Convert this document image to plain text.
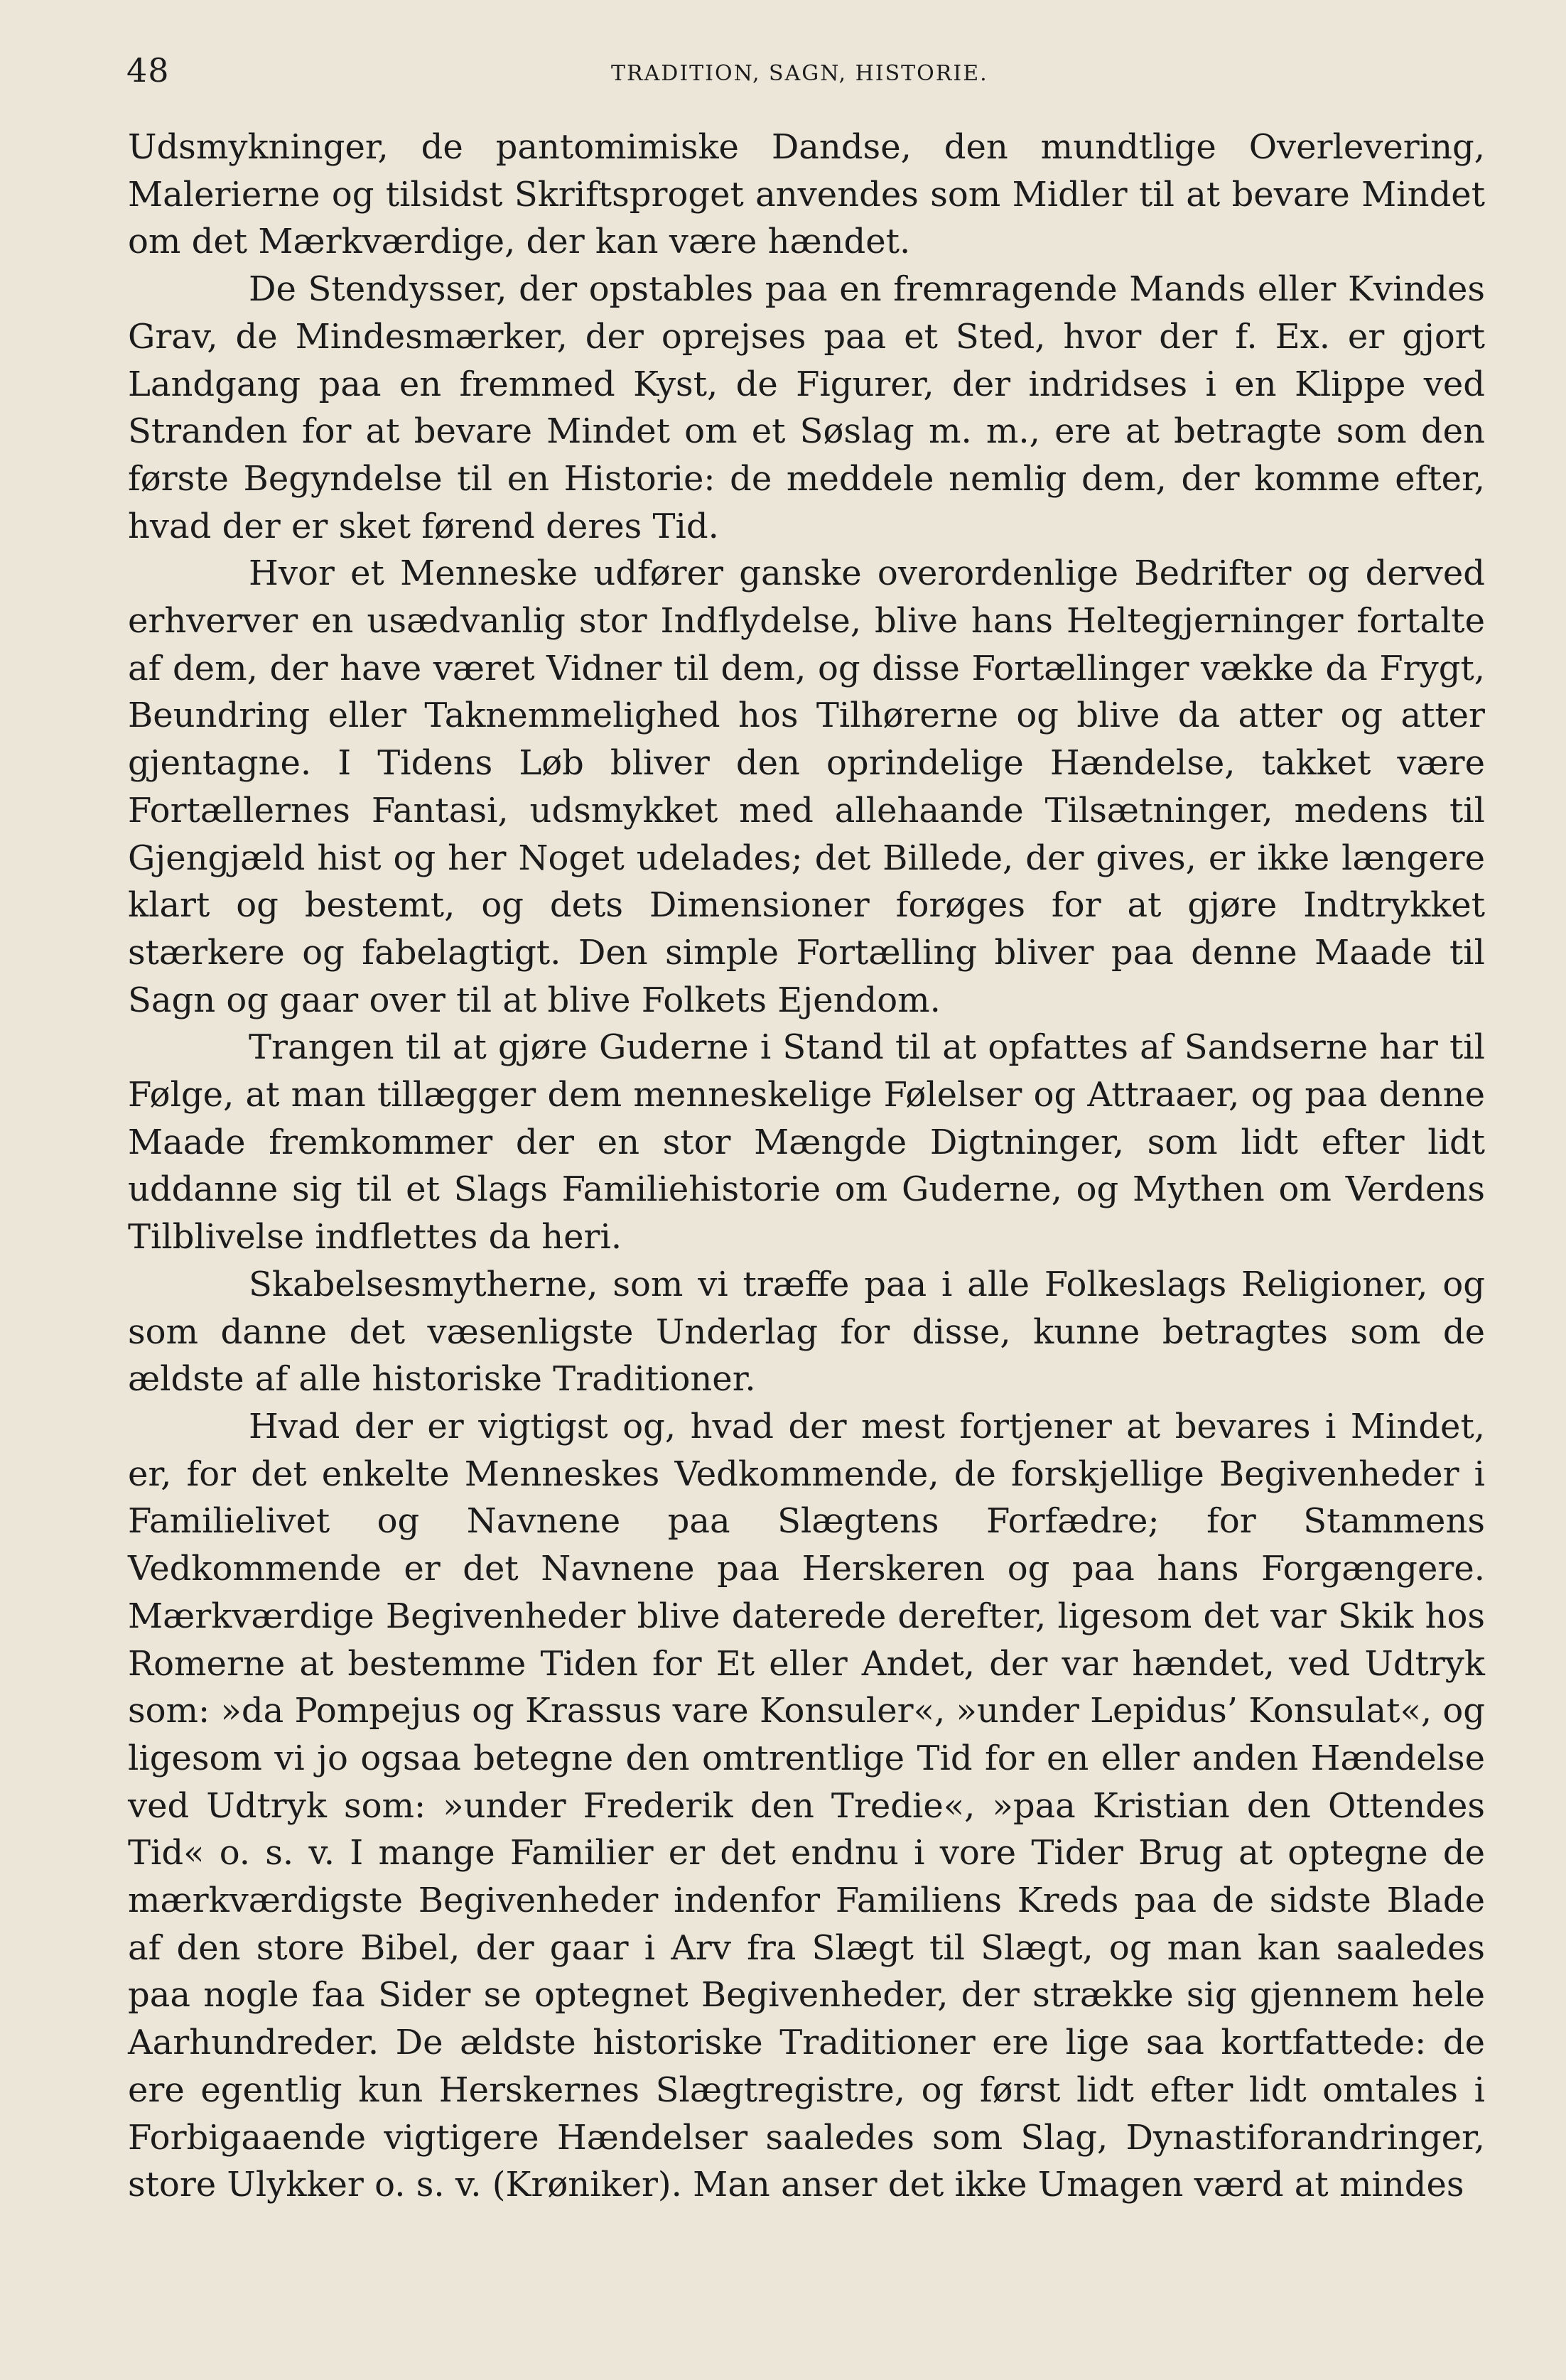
48	TRADITION, SAGN, HISTORIE.

Udsmykninger, de pantomimiske Dandse, den mundtlige Overlevering, Malerierne og tilsidst Skriftsproget anvendes som Midler til at bevare Mindet om det Mærkværdige, der kan være hændet.

De Stendysser, der opstables paa en fremragende Mands eller Kvindes Grav, de Mindesmærker, der oprejses paa et Sted, hvor der f. Ex. er gjort Landgang paa en fremmed Kyst, de Figurer, der indridses i en Klippe ved Stranden for at bevare Mindet om et Søslag m. m., ere at betragte som den første Begyndelse til en Historie: de meddele nemlig dem, der komme efter, hvad der er sket førend deres Tid.

Hvor et Menneske udfører ganske overordenlige Bedrifter og derved erhverver en usædvanlig stor Indflydelse, blive hans Heltegjerninger fortalte af dem, der have været Vidner til dem, og disse Fortællinger vække da Frygt, Beundring eller Taknemmelighed hos Tilhørerne og blive da atter og atter gjentagne. I Tidens Løb bliver den oprindelige Hændelse, takket være Fortællernes Fantasi, udsmykket med allehaande Tilsætninger, medens til Gjengjæld hist og her Noget udelades; det Billede, der gives, er ikke længere klart og bestemt, og dets Dimensioner forøges for at gjøre Indtrykket stærkere og fabelagtigt. Den simple Fortælling bliver paa denne Maade til Sagn og gaar over til at blive Folkets Ejendom.

Trangen til at gjøre Guderne i Stand til at opfattes af Sandserne har til Følge, at man tillægger dem menneskelige Følelser og Attraaer, og paa denne Maade fremkommer der en stor Mængde Digtninger, som lidt efter lidt uddanne sig til et Slags Familiehistorie om Guderne, og Mythen om Verdens Tilblivelse indflettes da heri.

Skabelsesmytherne, som vi træffe paa i alle Folkeslags Religioner, og som danne det væsenligste Underlag for disse, kunne betragtes som de ældste af alle historiske Traditioner.

Hvad der er vigtigst og, hvad der mest fortjener at bevares i Mindet, er, for det enkelte Menneskes Vedkommende, de forskjellige Begivenheder i Familielivet og Navnene paa Slægtens Forfædre; for Stammens Vedkommende er det Navnene paa Herskeren og paa hans Forgængere. Mærkværdige Begivenheder blive daterede derefter, ligesom det var Skik hos Romerne at bestemme Tiden for Et eller Andet, der var hændet, ved Udtryk som: »da Pompejus og Krassus vare Konsuler«, »under Lepidus’ Konsulat«, og ligesom vi jo ogsaa betegne den omtrentlige Tid for en eller anden Hændelse ved Udtryk som: »under Frederik den Tredie«, »paa Kristian den Ottendes Tid« o. s. v. I mange Familier er det endnu i vore Tider Brug at optegne de mærkværdigste Begivenheder indenfor Familiens Kreds paa de sidste Blade af den store Bibel, der gaar i Arv fra Slægt til Slægt, og man kan saaledes paa nogle faa Sider se optegnet Begivenheder, der strække sig gjennem hele Aarhundreder. De ældste historiske Traditioner ere lige saa kortfattede: de ere egentlig kun Herskernes Slægtregistre, og først lidt efter lidt omtales i Forbigaaende vigtigere Hændelser saaledes som Slag, Dynastiforandringer, store Ulykker o. s. v. (Krøniker). Man anser det ikke Umagen værd at mindes
